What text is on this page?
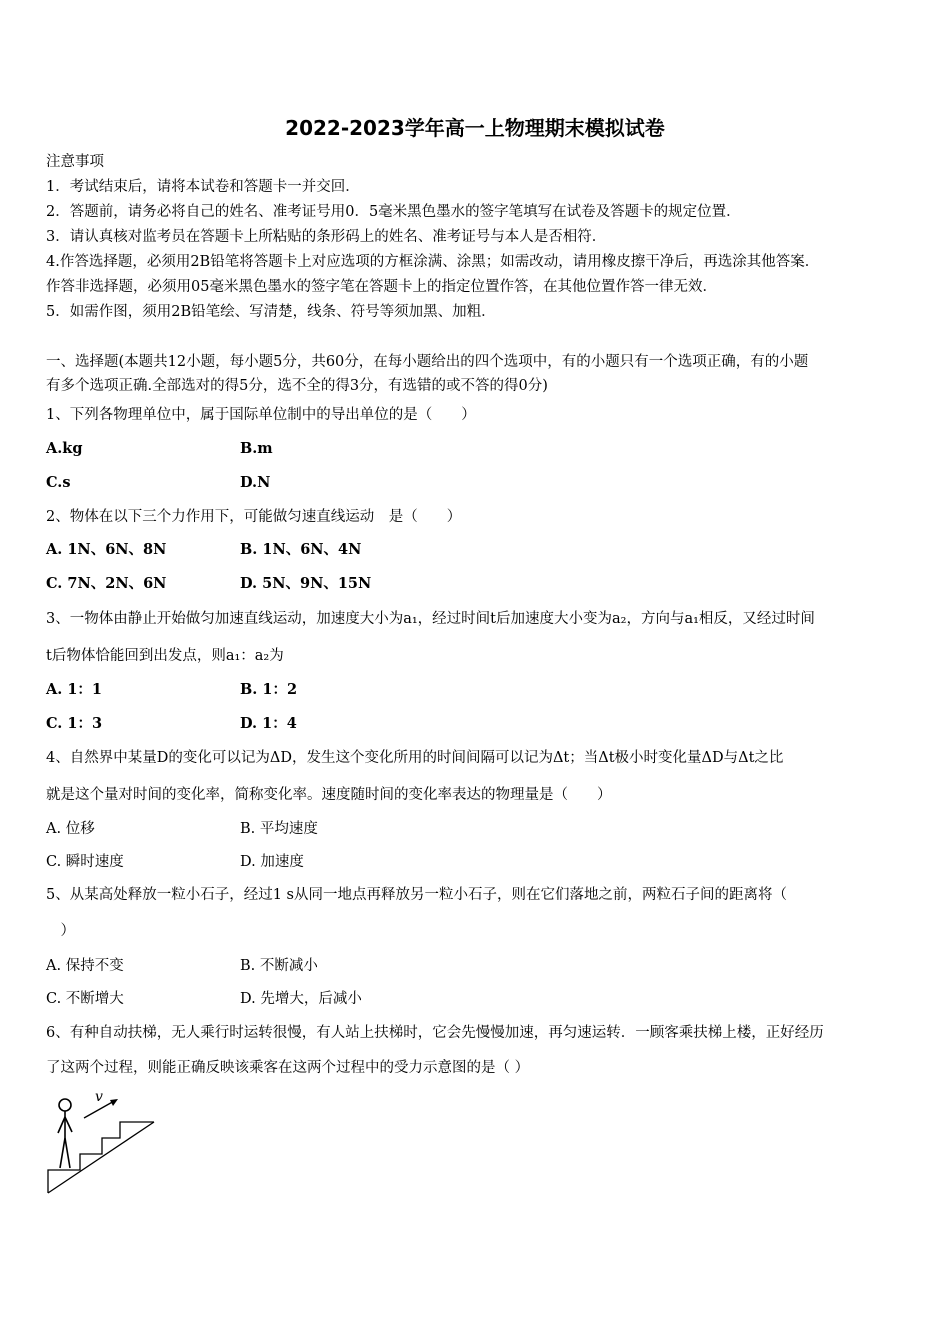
2022-2023学年高一上物理期末模拟试卷
注意事项
1．考试结束后，请将本试卷和答题卡一并交回．
2．答题前，请务必将自己的姓名、准考证号用0．5毫米黑色墨水的签字笔填写在试卷及答题卡的规定位置．
3．请认真核对监考员在答题卡上所粘贴的条形码上的姓名、准考证号与本人是否相符．
4.作答选择题，必须用2B铅笔将答题卡上对应选项的方框涂满、涂黑；如需改动，请用橡皮擦干净后，再选涂其他答案．
作答非选择题，必须用05毫米黑色墨水的签字笔在答题卡上的指定位置作答，在其他位置作答一律无效．
5．如需作图，须用2B铅笔绘、写清楚，线条、符号等须加黑、加粗．
一、选择题(本题共12小题，每小题5分，共60分，在每小题给出的四个选项中，有的小题只有一个选项正确，有的小题
有多个选项正确.全部选对的得5分，选不全的得3分，有选错的或不答的得0分)
1、下列各物理单位中，属于国际单位制中的导出单位的是（　　）
A.kg	B.m
C.s	D.N
2、物体在以下三个力作用下，可能做匀速直线运动　是（　　）
A. 1N、6N、8N	B. 1N、6N、4N
C. 7N、2N、6N	D. 5N、9N、15N
3、一物体由静止开始做匀加速直线运动，加速度大小为a₁，经过时间t后加速度大小变为a₂，方向与a₁相反，又经过时间
t后物体恰能回到出发点，则a₁：a₂为
A. 1：1	B. 1：2
C. 1：3	D. 1：4
4、自然界中某量D的变化可以记为ΔD，发生这个变化所用的时间间隔可以记为Δt；当Δt极小时变化量ΔD与Δt之比
就是这个量对时间的变化率，简称变化率。速度随时间的变化率表达的物理量是（　　）
A. 位移	B. 平均速度
C. 瞬时速度	D. 加速度
5、从某高处释放一粒小石子，经过1 s从同一地点再释放另一粒小石子，则在它们落地之前，两粒石子间的距离将（
　）
A. 保持不变	B. 不断减小
C. 不断增大	D. 先增大，后减小
6、有种自动扶梯，无人乘行时运转很慢，有人站上扶梯时，它会先慢慢加速，再匀速运转．一顾客乘扶梯上楼，正好经历
了这两个过程，则能正确反映该乘客在这两个过程中的受力示意图的是（ ）
v
